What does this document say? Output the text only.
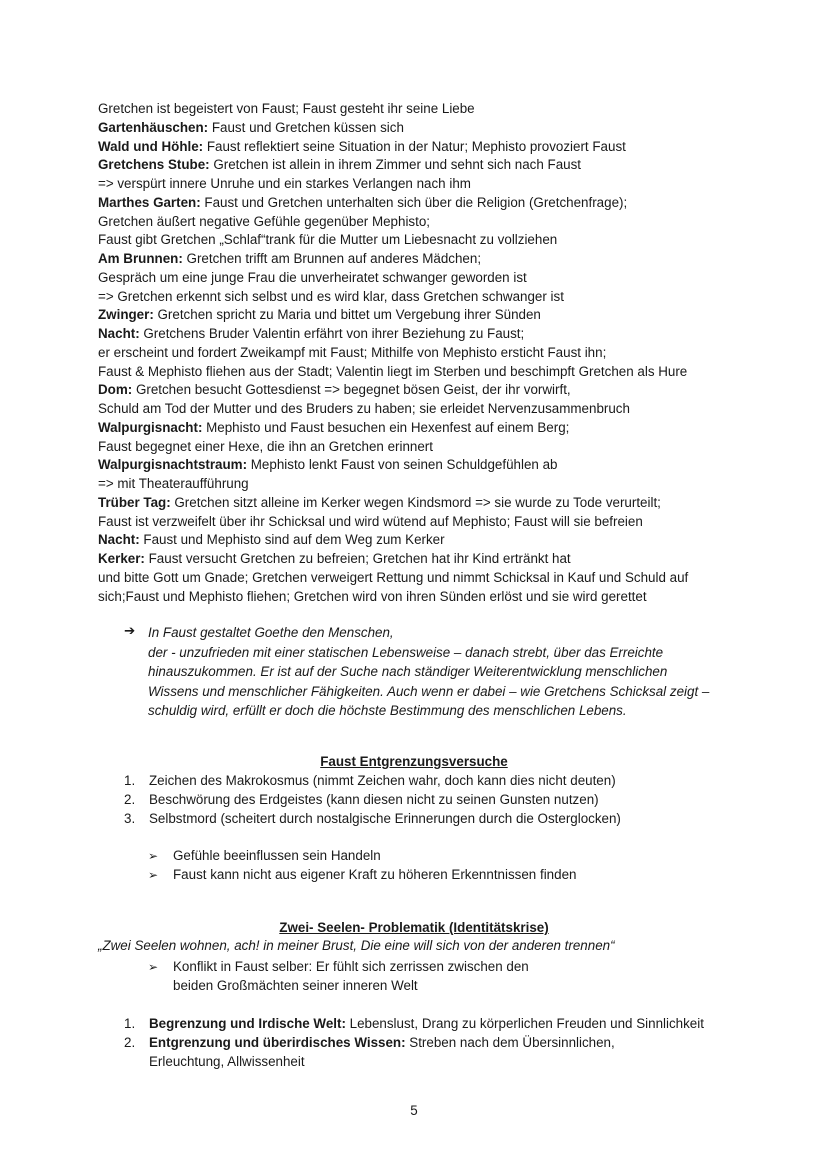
Gretchen ist begeistert von Faust; Faust gesteht ihr seine Liebe
Gartenhäuschen: Faust und Gretchen küssen sich
Wald und Höhle: Faust reflektiert seine Situation in der Natur; Mephisto provoziert Faust
Gretchens Stube: Gretchen ist allein in ihrem Zimmer und sehnt sich nach Faust
=> verspürt innere Unruhe und ein starkes Verlangen nach ihm
Marthes Garten: Faust und Gretchen unterhalten sich über die Religion (Gretchenfrage);
Gretchen äußert negative Gefühle gegenüber Mephisto;
Faust gibt Gretchen „Schlaf“trank für die Mutter um Liebesnacht zu vollziehen
Am Brunnen: Gretchen trifft am Brunnen auf anderes Mädchen;
Gespräch um eine junge Frau die unverheiratet schwanger geworden ist
=> Gretchen erkennt sich selbst und es wird klar, dass Gretchen schwanger ist
Zwinger: Gretchen spricht zu Maria und bittet um Vergebung ihrer Sünden
Nacht: Gretchens Bruder Valentin erfährt von ihrer Beziehung zu Faust;
er erscheint und fordert Zweikampf mit Faust; Mithilfe von Mephisto ersticht Faust ihn;
Faust & Mephisto fliehen aus der Stadt; Valentin liegt im Sterben und beschimpft Gretchen als Hure
Dom: Gretchen besucht Gottesdienst => begegnet bösen Geist, der ihr vorwirft,
Schuld am Tod der Mutter und des Bruders zu haben; sie erleidet Nervenzusammenbruch
Walpurgisnacht: Mephisto und Faust besuchen ein Hexenfest auf einem Berg;
Faust begegnet einer Hexe, die ihn an Gretchen erinnert
Walpurgisnachtstraum: Mephisto lenkt Faust von seinen Schuldgefühlen ab
=> mit Theateraufführung
Trüber Tag: Gretchen sitzt alleine im Kerker wegen Kindsmord => sie wurde zu Tode verurteilt;
Faust ist verzweifelt über ihr Schicksal und wird wütend auf Mephisto; Faust will sie befreien
Nacht: Faust und Mephisto sind auf dem Weg zum Kerker
Kerker: Faust versucht Gretchen zu befreien; Gretchen hat ihr Kind ertränkt hat
und bitte Gott um Gnade; Gretchen verweigert Rettung und nimmt Schicksal in Kauf und Schuld auf
sich;Faust und Mephisto fliehen; Gretchen wird von ihren Sünden erlöst und sie wird gerettet
➔ In Faust gestaltet Goethe den Menschen,
der - unzufrieden mit einer statischen Lebensweise – danach strebt, über das Erreichte
hinauszukommen. Er ist auf der Suche nach ständiger Weiterentwicklung menschlichen
Wissens und menschlicher Fähigkeiten. Auch wenn er dabei – wie Gretchens Schicksal zeigt –
schuldig wird, erfüllt er doch die höchste Bestimmung des menschlichen Lebens.
Faust Entgrenzungsversuche
1. Zeichen des Makrokosmus (nimmt Zeichen wahr, doch kann dies nicht deuten)
2. Beschwörung des Erdgeistes (kann diesen nicht zu seinen Gunsten nutzen)
3. Selbstmord (scheitert durch nostalgische Erinnerungen durch die Osterglocken)
➢ Gefühle beeinflussen sein Handeln
➢ Faust kann nicht aus eigener Kraft zu höheren Erkenntnissen finden
Zwei- Seelen- Problematik (Identitätskrise)
„Zwei Seelen wohnen, ach! in meiner Brust, Die eine will sich von der anderen trennen“
➢ Konflikt in Faust selber: Er fühlt sich zerrissen zwischen den
beiden Großmächten seiner inneren Welt
1. Begrenzung und Irdische Welt: Lebenslust, Drang zu körperlichen Freuden und Sinnlichkeit
2. Entgrenzung und überirdisches Wissen: Streben nach dem Übersinnlichen,
Erleuchtung, Allwissenheit
5
